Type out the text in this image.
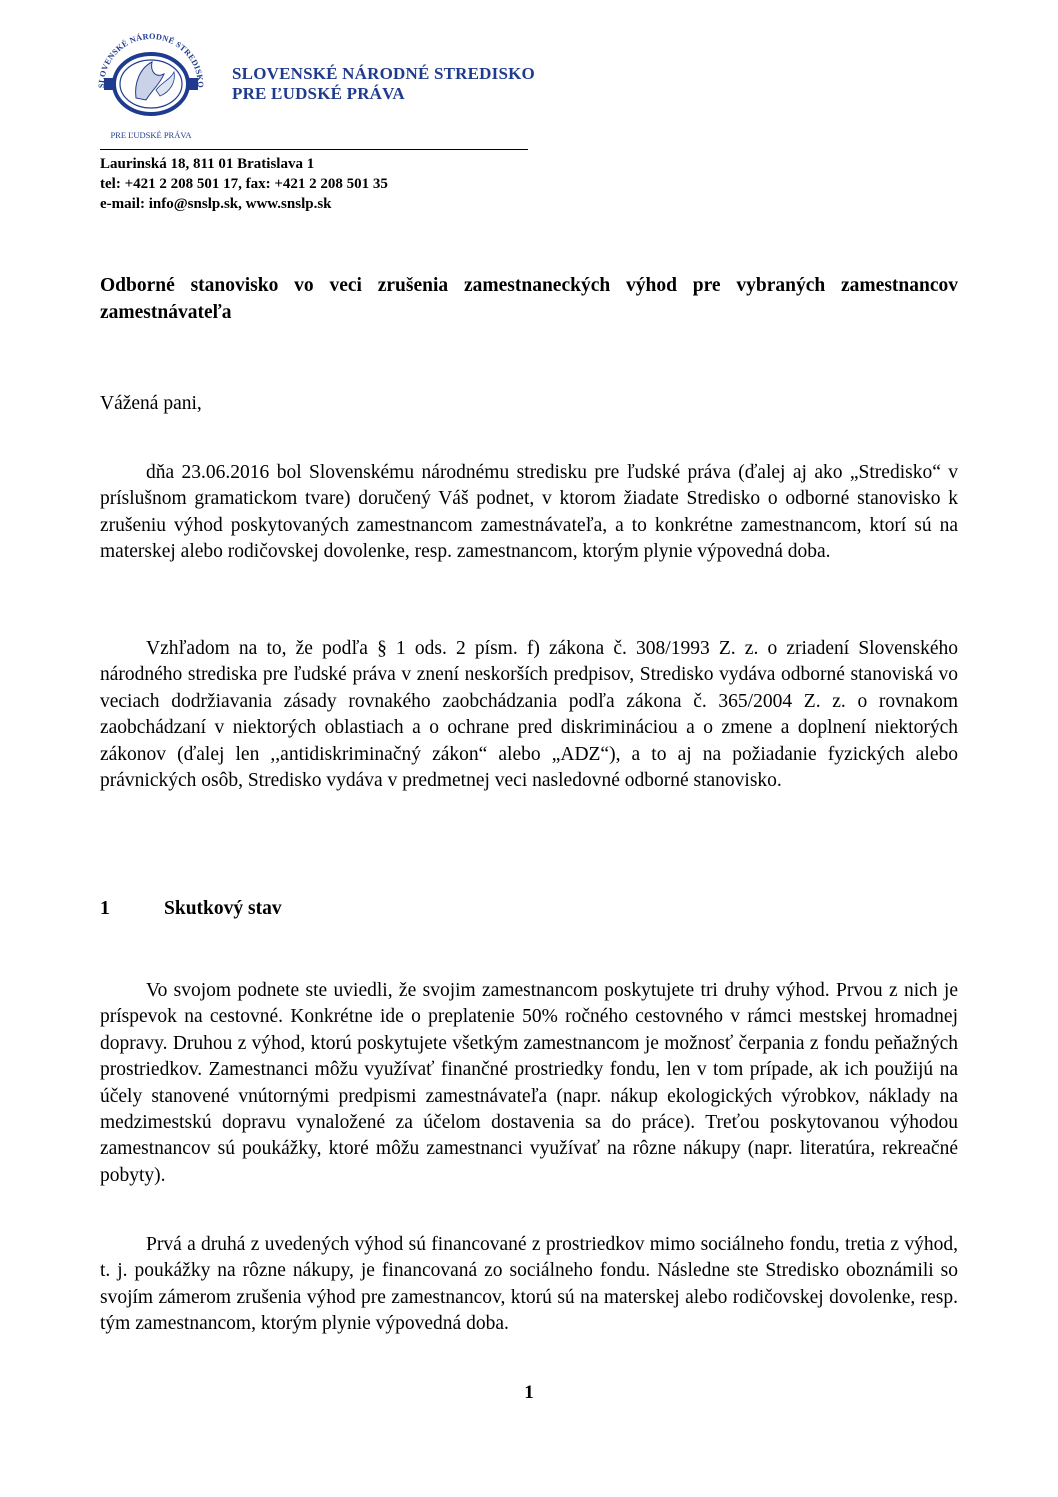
SLOVENSKÉ NÁRODNÉ STREDISKO
PRE ĽUDSKÉ PRÁVA
SLOVENSKÉ NÁRODNÉ STREDISKO
PRE ĽUDSKÉ PRÁVA
Laurinská 18, 811 01 Bratislava 1
tel: +421 2 208 501 17, fax: +421 2 208 501 35
e-mail: info@snslp.sk, www.snslp.sk
Odborné stanovisko vo veci zrušenia zamestnaneckých výhod pre vybraných zamestnancov zamestnávateľa
Vážená pani,

dňa 23.06.2016 bol Slovenskému národnému stredisku pre ľudské práva (ďalej aj ako „Stredisko“ v príslušnom gramatickom tvare) doručený Váš podnet, v ktorom žiadate Stredisko o odborné stanovisko k zrušeniu výhod poskytovaných zamestnancom zamestnávateľa, a to konkrétne zamestnancom, ktorí sú na materskej alebo rodičovskej dovolenke, resp. zamestnancom, ktorým plynie výpovedná doba.

Vzhľadom na to, že podľa § 1 ods. 2 písm. f) zákona č. 308/1993 Z. z. o zriadení Slovenského národného strediska pre ľudské práva v znení neskorších predpisov, Stredisko vydáva odborné stanoviská vo veciach dodržiavania zásady rovnakého zaobchádzania podľa zákona č. 365/2004 Z. z. o rovnakom zaobchádzaní v niektorých oblastiach a o ochrane pred diskrimináciou a o zmene a doplnení niektorých zákonov (ďalej len ,,antidiskriminačný zákon“ alebo „ADZ“), a to aj na požiadanie fyzických alebo právnických osôb, Stredisko vydáva v predmetnej veci nasledovné odborné stanovisko.

1	Skutkový stav

Vo svojom podnete ste uviedli, že svojim zamestnancom poskytujete tri druhy výhod. Prvou z nich je príspevok na cestovné. Konkrétne ide o preplatenie 50% ročného cestovného v rámci mestskej hromadnej dopravy. Druhou z výhod, ktorú poskytujete všetkým zamestnancom je možnosť čerpania z fondu peňažných prostriedkov. Zamestnanci môžu využívať finančné prostriedky fondu, len v tom prípade, ak ich použijú na účely stanovené vnútornými predpismi zamestnávateľa (napr. nákup ekologických výrobkov, náklady na medzimestskú dopravu vynaložené za účelom dostavenia sa do práce). Treťou poskytovanou výhodou zamestnancov sú poukážky, ktoré môžu zamestnanci využívať na rôzne nákupy (napr. literatúra, rekreačné pobyty).

Prvá a druhá z uvedených výhod sú financované z prostriedkov mimo sociálneho fondu, tretia z výhod, t. j. poukážky na rôzne nákupy, je financovaná zo sociálneho fondu. Následne ste Stredisko oboznámili so svojím zámerom zrušenia výhod pre zamestnancov, ktorú sú na materskej alebo rodičovskej dovolenke, resp. tým zamestnancom, ktorým plynie výpovedná doba.

1
